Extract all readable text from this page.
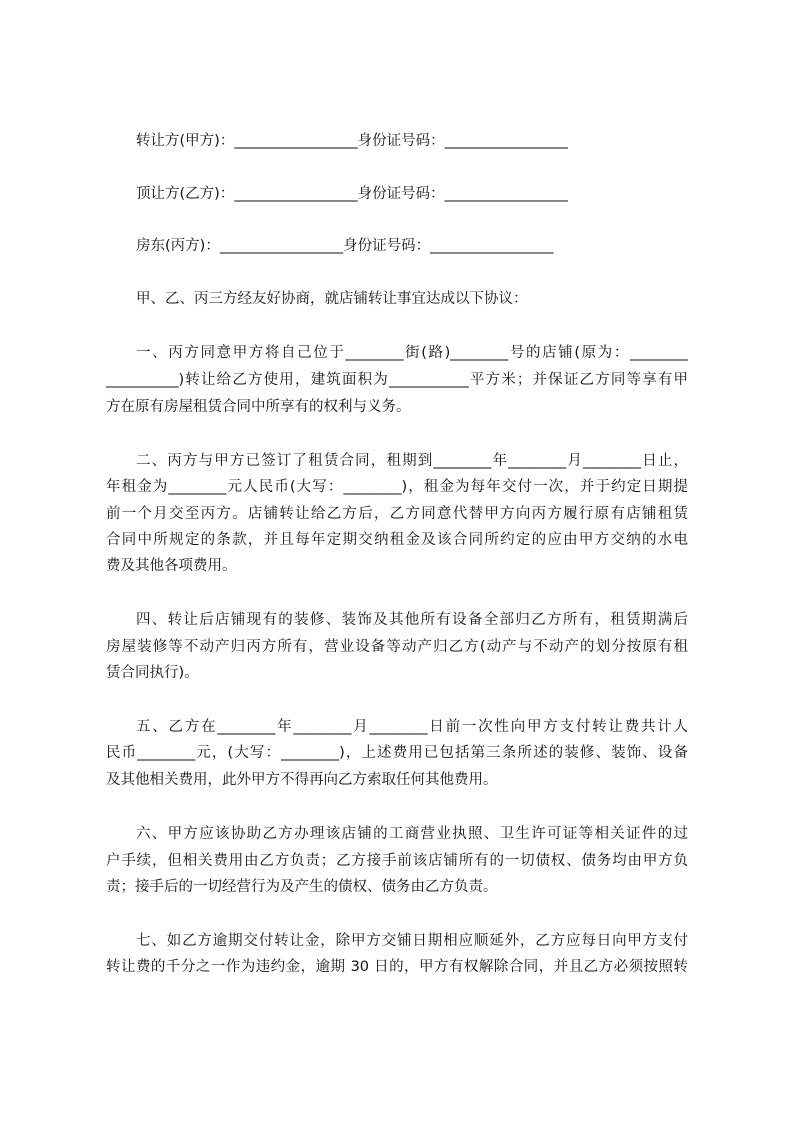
转让方(甲方)：_________________身份证号码：_________________
顶让方(乙方)：_________________身份证号码：_________________
房东(丙方)：_________________身份证号码：_________________
甲、乙、丙三方经友好协商，就店铺转让事宜达成以下协议：
一、丙方同意甲方将自己位于________街(路)________号的店铺(原为：________
__________)转让给乙方使用，建筑面积为___________平方米；并保证乙方同等享有甲
方在原有房屋租赁合同中所享有的权利与义务。
二、丙方与甲方已签订了租赁合同，租期到________年________月________日止，
年租金为________元人民币(大写：________)，租金为每年交付一次，并于约定日期提
前一个月交至丙方。店铺转让给乙方后，乙方同意代替甲方向丙方履行原有店铺租赁
合同中所规定的条款，并且每年定期交纳租金及该合同所约定的应由甲方交纳的水电
费及其他各项费用。
四、转让后店铺现有的装修、装饰及其他所有设备全部归乙方所有，租赁期满后
房屋装修等不动产归丙方所有，营业设备等动产归乙方(动产与不动产的划分按原有租
赁合同执行)。
五、乙方在________年________月________日前一次性向甲方支付转让费共计人
民币________元，(大写：________)，上述费用已包括第三条所述的装修、装饰、设备
及其他相关费用，此外甲方不得再向乙方索取任何其他费用。
六、甲方应该协助乙方办理该店铺的工商营业执照、卫生许可证等相关证件的过
户手续，但相关费用由乙方负责；乙方接手前该店铺所有的一切债权、债务均由甲方负
责；接手后的一切经营行为及产生的债权、债务由乙方负责。
七、如乙方逾期交付转让金，除甲方交铺日期相应顺延外，乙方应每日向甲方支付
转让费的千分之一作为违约金，逾期 30 日的，甲方有权解除合同，并且乙方必须按照转
